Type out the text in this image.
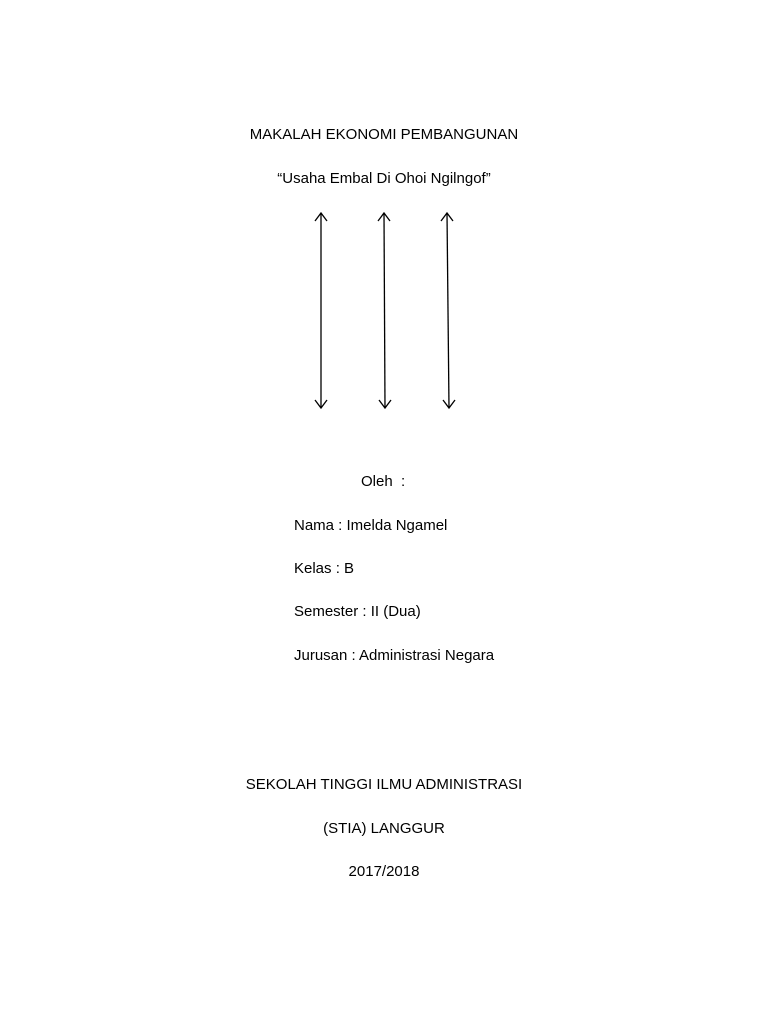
MAKALAH EKONOMI PEMBANGUNAN
“Usaha Embal Di Ohoi Ngilngof”
Oleh  :
Nama : Imelda Ngamel
Kelas : B
Semester : II (Dua)
Jurusan : Administrasi Negara
SEKOLAH TINGGI ILMU ADMINISTRASI
(STIA) LANGGUR
2017/2018
